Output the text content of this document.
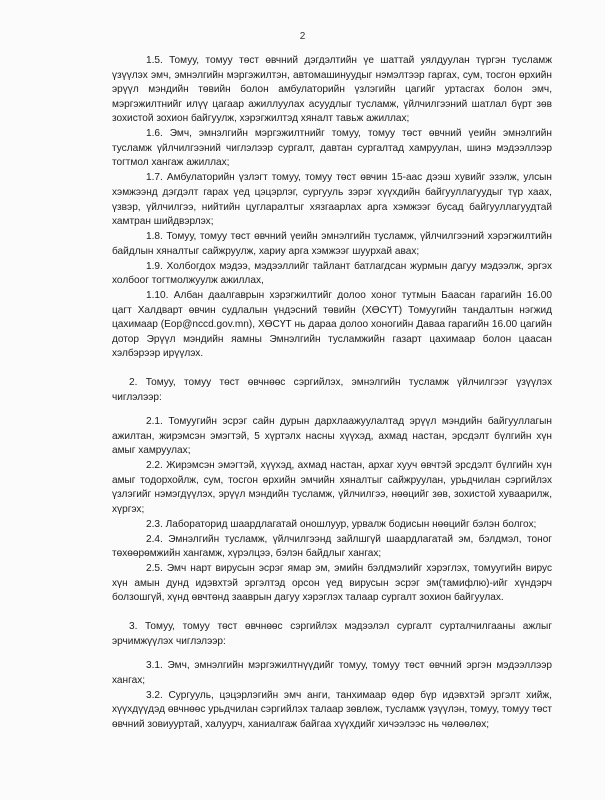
2

1.5. Томуу, томуу төст өвчний дэгдэлтийн үе шаттай уялдуулан түргэн тусламж үзүүлэх эмч, эмнэлгийн мэргэжилтэн, автомашинуудыг нэмэлтээр гаргах, сум, тосгон өрхийн эрүүл мэндийн төвийн болон амбулаторийн үзлэгийн цагийг уртасгах болон эмч, мэргэжилтнийг илүү цагаар ажиллуулах асуудлыг тусламж, үйлчилгээний шатлал бүрт зөв зохистой зохион байгуулж, хэрэгжилтэд хяналт тавьж ажиллах;

1.6. Эмч, эмнэлгийн мэргэжилтнийг томуу, томуу төст өвчний үеийн эмнэлгийн тусламж үйлчилгээний чиглэлээр сургалт, давтан сургалтад хамруулан, шинэ мэдээллээр тогтмол хангаж ажиллах;

1.7. Амбулаторийн үзлэгт томуу, томуу төст өвчин 15-аас дээш хувийг эзэлж, улсын хэмжээнд дэгдэлт гарах үед цэцэрлэг, сургууль зэрэг хүүхдийн байгууллагуудыг түр хаах, үзвэр, үйлчилгээ, нийтийн цугларалтыг хязгаарлах арга хэмжээг бусад байгууллагуудтай хамтран шийдвэрлэх;

1.8. Томуу, томуу төст өвчний үеийн эмнэлгийн тусламж, үйлчилгээний хэрэгжилтийн байдлын хяналтыг сайжруулж, хариу арга хэмжээг шуурхай авах;

1.9. Холбогдох мэдээ, мэдээллийг тайлант батлагдсан журмын дагуу мэдээлж, эргэх холбоог тогтмолжуулж ажиллах,

1.10. Албан даалгаврын хэрэгжилтийг долоо хоног тутмын Баасан гарагийн 16.00 цагт Халдварт өвчин судлалын үндэсний төвийн (ХӨСҮТ) Томуугийн тандалтын нэгжид цахимаар (Eop@nccd.gov.mn), ХӨСҮТ нь дараа долоо хоногийн Даваа гарагийн 16.00 цагийн дотор Эрүүл мэндийн яамны Эмнэлгийн тусламжийн газарт цахимаар болон цаасан хэлбэрээр ирүүлэх.

2. Томуу, томуу төст өвчнөөс сэргийлэх, эмнэлгийн тусламж үйлчилгээг үзүүлэх чиглэлээр:

2.1. Томуугийн эсрэг сайн дурын дархлаажуулалтад эрүүл мэндийн байгууллагын ажилтан, жирэмсэн эмэгтэй, 5 хүртэлх насны хүүхэд, ахмад настан, эрсдэлт бүлгийн хүн амыг хамруулах;

2.2. Жирэмсэн эмэгтэй, хүүхэд, ахмад настан, архаг хууч өвчтэй эрсдэлт бүлгийн хүн амыг тодорхойлж, сум, тосгон өрхийн эмчийн хяналтыг сайжруулан, урьдчилан сэргийлэх үзлэгийг нэмэгдүүлэх, эрүүл мэндийн тусламж, үйлчилгээ, нөөцийг зөв, зохистой хуваарилж, хүргэх;

2.3. Лабораторид шаардлагатай оношлуур, урвалж бодисын нөөцийг бэлэн болгох;

2.4. Эмнэлгийн тусламж, үйлчилгээнд зайлшгүй шаардлагатай эм, бэлдмэл, тоног төхөөрөмжийн хангамж, хүрэлцээ, бэлэн байдлыг хангах;

2.5. Эмч нарт вирусын эсрэг ямар эм, эмийн бэлдмэлийг хэрэглэх, томуугийн вирус хүн амын дунд идэвхтэй эргэлтэд орсон үед вирусын эсрэг эм(тамифлю)-ийг хүндэрч болзошгүй, хүнд өвчтөнд зааврын дагуу хэрэглэх талаар сургалт зохион байгуулах.

3. Томуу, томуу төст өвчнөөс сэргийлэх мэдээлэл сургалт сурталчилгааны ажлыг эрчимжүүлэх чиглэлээр:

3.1. Эмч, эмнэлгийн мэргэжилтнүүдийг томуу, томуу төст өвчний эргэн мэдээллээр хангах;

3.2. Сургууль, цэцэрлэгийн эмч анги, танхимаар өдөр бүр идэвхтэй эргэлт хийж, хүүхдүүдэд өвчнөөс урьдчилан сэргийлэх талаар зөвлөж, тусламж үзүүлэн, томуу, томуу төст өвчний зовиууртай, халуурч, ханиалгаж байгаа хүүхдийг хичээлээс нь чөлөөлөх;
